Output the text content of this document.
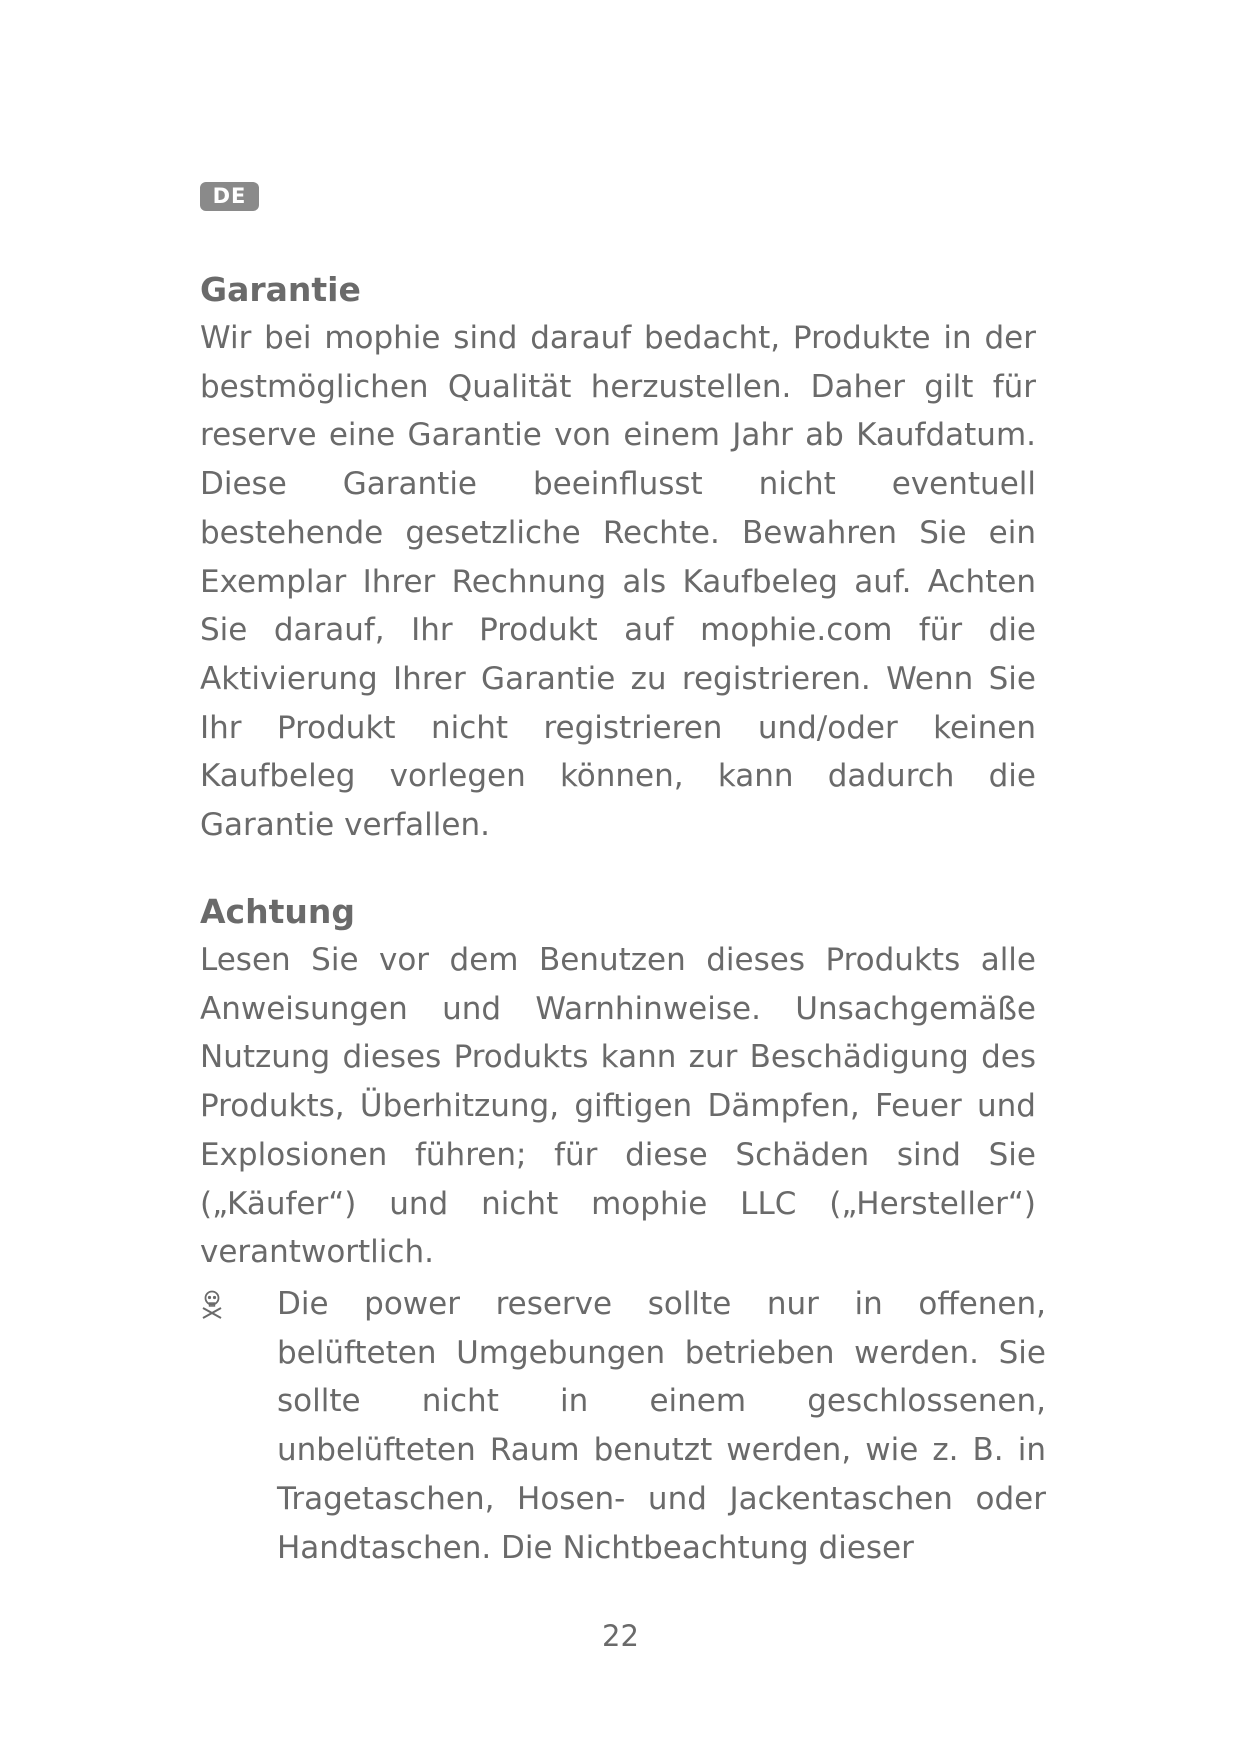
DE
Garantie

Wir bei mophie sind darauf bedacht, Produkte in der bestmöglichen Qualität herzustellen. Daher gilt für reserve eine Garantie von einem Jahr ab Kaufdatum. Diese Garantie beeinflusst nicht eventuell bestehende gesetzliche Rechte. Bewahren Sie ein Exemplar Ihrer Rechnung als Kaufbeleg auf. Achten Sie darauf, Ihr Produkt auf mophie.com für die Aktivierung Ihrer Garantie zu registrieren. Wenn Sie Ihr Produkt nicht registrieren und/oder keinen Kaufbeleg vorlegen können, kann dadurch die Garantie verfallen.

Achtung

Lesen Sie vor dem Benutzen dieses Produkts alle Anweisungen und Warnhinweise. Unsachgemäße Nutzung dieses Produkts kann zur Beschädigung des Produkts, Überhitzung, giftigen Dämpfen, Feuer und Explosionen führen; für diese Schäden sind Sie („Käufer“) und nicht mophie LLC („Hersteller“) verantwortlich.

Die power reserve sollte nur in offenen, belüfteten Umgebungen betrieben werden. Sie sollte nicht in einem geschlossenen, unbelüfteten Raum benutzt werden, wie z. B. in Tragetaschen, Hosen- und Jackentaschen oder Handtaschen. Die Nichtbeachtung dieser

22
